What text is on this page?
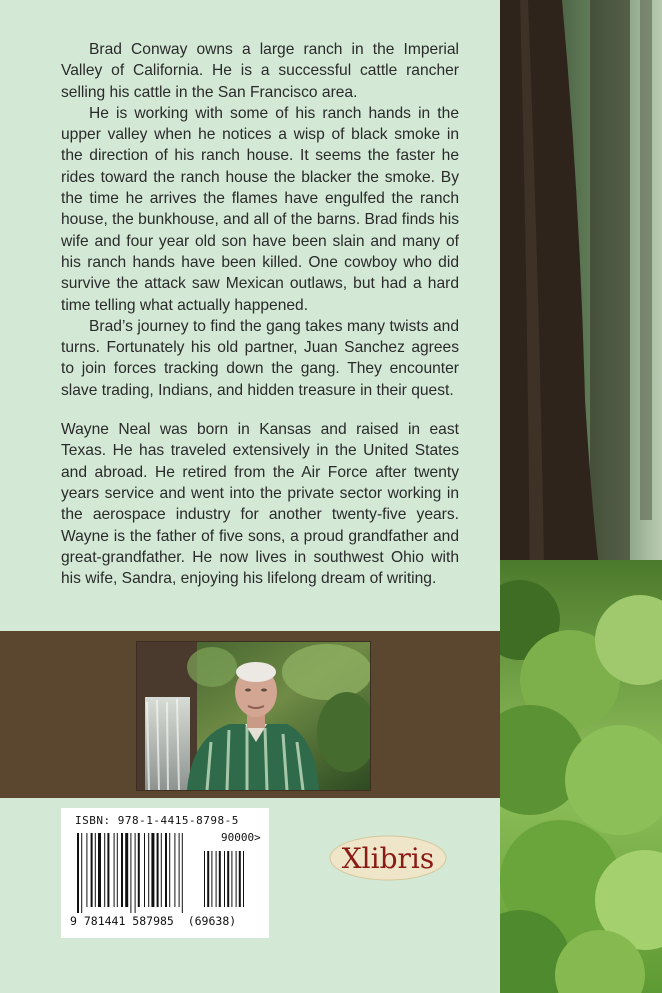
Brad Conway owns a large ranch in the Imperial Valley of California. He is a successful cattle rancher selling his cattle in the San Francisco area.

He is working with some of his ranch hands in the upper valley when he notices a wisp of black smoke in the direction of his ranch house. It seems the faster he rides toward the ranch house the blacker the smoke. By the time he arrives the flames have engulfed the ranch house, the bunkhouse, and all of the barns. Brad finds his wife and four year old son have been slain and many of his ranch hands have been killed. One cowboy who did survive the attack saw Mexican outlaws, but had a hard time telling what actually happened.

Brad’s journey to find the gang takes many twists and turns. Fortunately his old partner, Juan Sanchez agrees to join forces tracking down the gang. They encounter slave trading, Indians, and hidden treasure in their quest.

Wayne Neal was born in Kansas and raised in east Texas. He has traveled extensively in the United States and abroad. He retired from the Air Force after twenty years service and went into the private sector working in the aerospace industry for another twenty-five years. Wayne is the father of five sons, a proud grandfather and great-grandfather. He now lives in southwest Ohio with his wife, Sandra, enjoying his lifelong dream of writing.

ISBN: 978-1-4415-8798-5
90000>
9 781441 587985  (69638)
Xlibris
